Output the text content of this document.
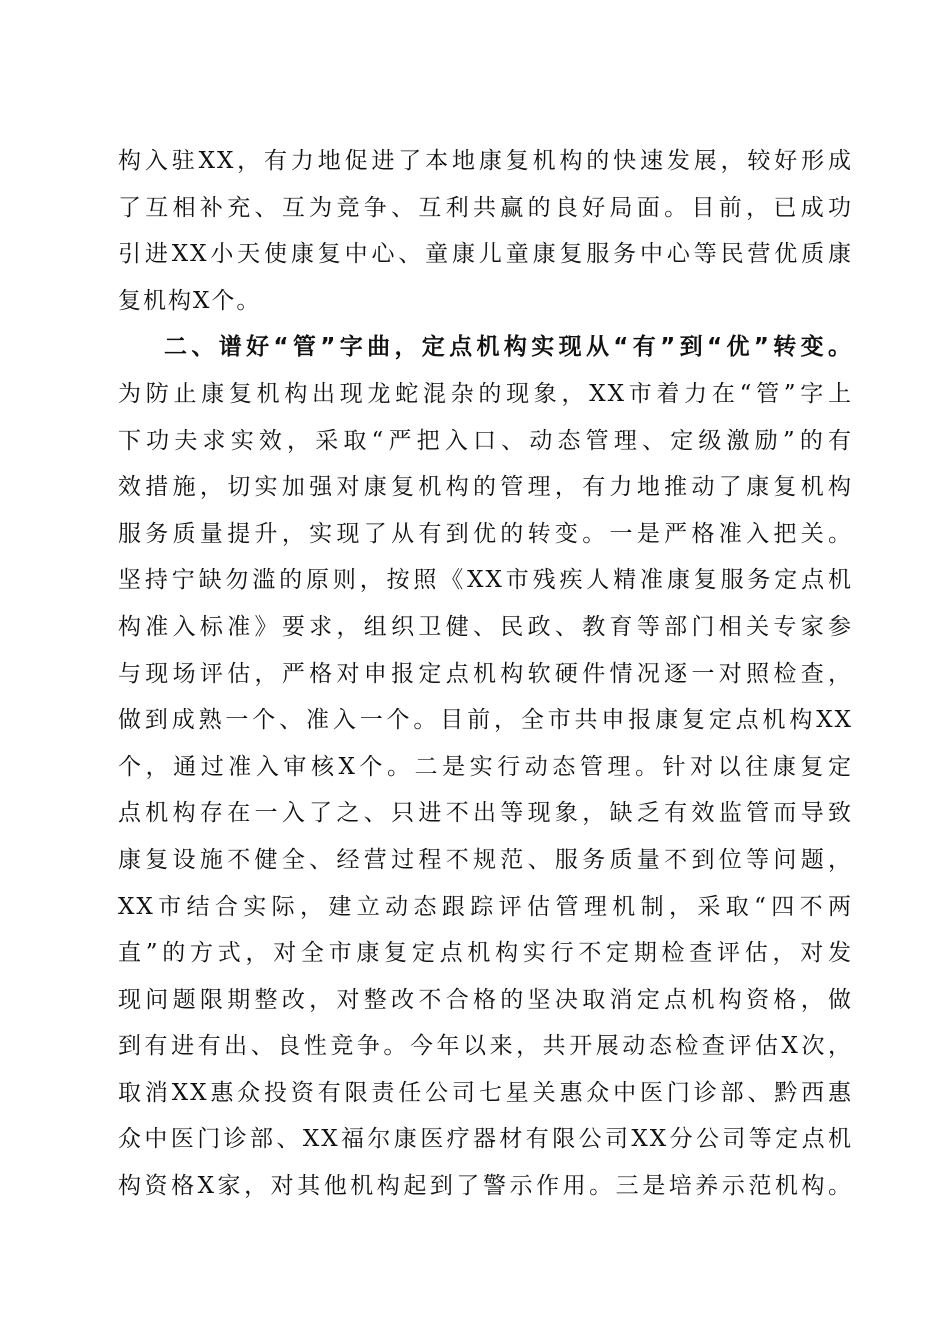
构入驻XX，有力地促进了本地康复机构的快速发展，较好形成
了互相补充、互为竞争、互利共赢的良好局面。目前，已成功
引进XX小天使康复中心、童康儿童康复服务中心等民营优质康
复机构X个。
二、谱好“管”字曲，定点机构实现从“有”到“优”转变。
为防止康复机构出现龙蛇混杂的现象，XX市着力在“管”字上
下功夫求实效，采取“严把入口、动态管理、定级激励”的有
效措施，切实加强对康复机构的管理，有力地推动了康复机构
服务质量提升，实现了从有到优的转变。一是严格准入把关。
坚持宁缺勿滥的原则，按照《XX市残疾人精准康复服务定点机
构准入标准》要求，组织卫健、民政、教育等部门相关专家参
与现场评估，严格对申报定点机构软硬件情况逐一对照检查，
做到成熟一个、准入一个。目前，全市共申报康复定点机构XX
个，通过准入审核X个。二是实行动态管理。针对以往康复定
点机构存在一入了之、只进不出等现象，缺乏有效监管而导致
康复设施不健全、经营过程不规范、服务质量不到位等问题，
XX市结合实际，建立动态跟踪评估管理机制，采取“四不两
直”的方式，对全市康复定点机构实行不定期检查评估，对发
现问题限期整改，对整改不合格的坚决取消定点机构资格，做
到有进有出、良性竞争。今年以来，共开展动态检查评估X次，
取消XX惠众投资有限责任公司七星关惠众中医门诊部、黔西惠
众中医门诊部、XX福尔康医疗器材有限公司XX分公司等定点机
构资格X家，对其他机构起到了警示作用。三是培养示范机构。
